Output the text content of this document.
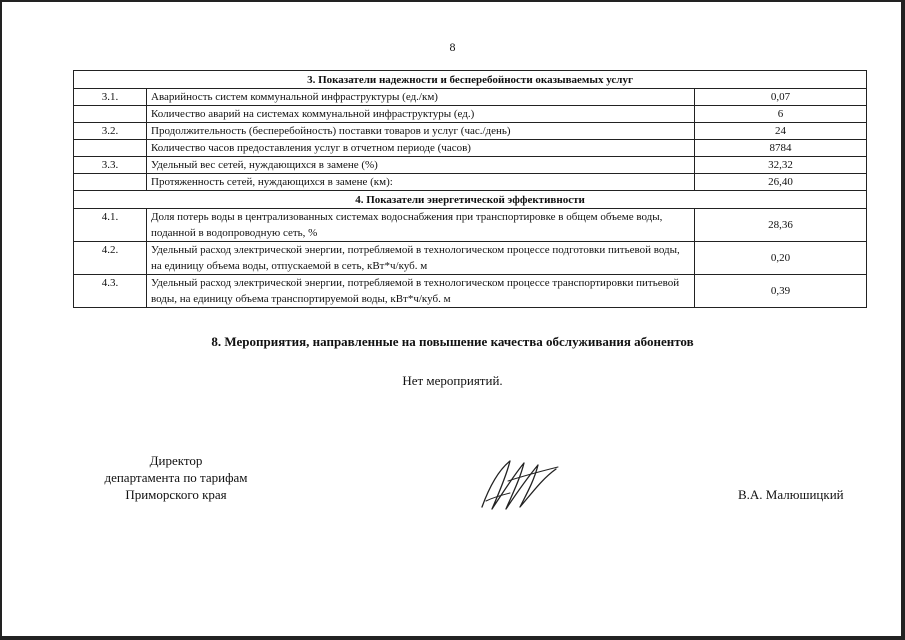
8
3. Показатели надежности и бесперебойности оказываемых услуг		
3.1.	Аварийность систем коммунальной инфраструктуры (ед./км)	0,07
	Количество аварий на системах коммунальной инфраструктуры (ед.)	6
3.2.	Продолжительность (бесперебойность) поставки товаров и услуг (час./день)	24
	Количество часов предоставления услуг в отчетном периоде (часов)	8784
3.3.	Удельный вес сетей, нуждающихся в замене (%)	32,32
	Протяженность сетей, нуждающихся в замене (км):	26,40
4. Показатели энергетической эффективности		
4.1.	Доля потерь воды в централизованных системах водоснабжения при транспортировке в общем объеме воды, поданной в водопроводную сеть, %	28,36
4.2.	Удельный расход электрической энергии, потребляемой в технологическом процессе подготовки питьевой воды, на единицу объема воды, отпускаемой в сеть, кВт*ч/куб. м	0,20
4.3.	Удельный расход электрической энергии, потребляемой в технологическом процессе транспортировки питьевой воды, на единицу объема транспортируемой воды, кВт*ч/куб. м	0,39
8. Мероприятия, направленные на повышение качества обслуживания абонентов
Нет мероприятий.
Директор
департамента по тарифам
Приморского края	В.А. Малюшицкий
